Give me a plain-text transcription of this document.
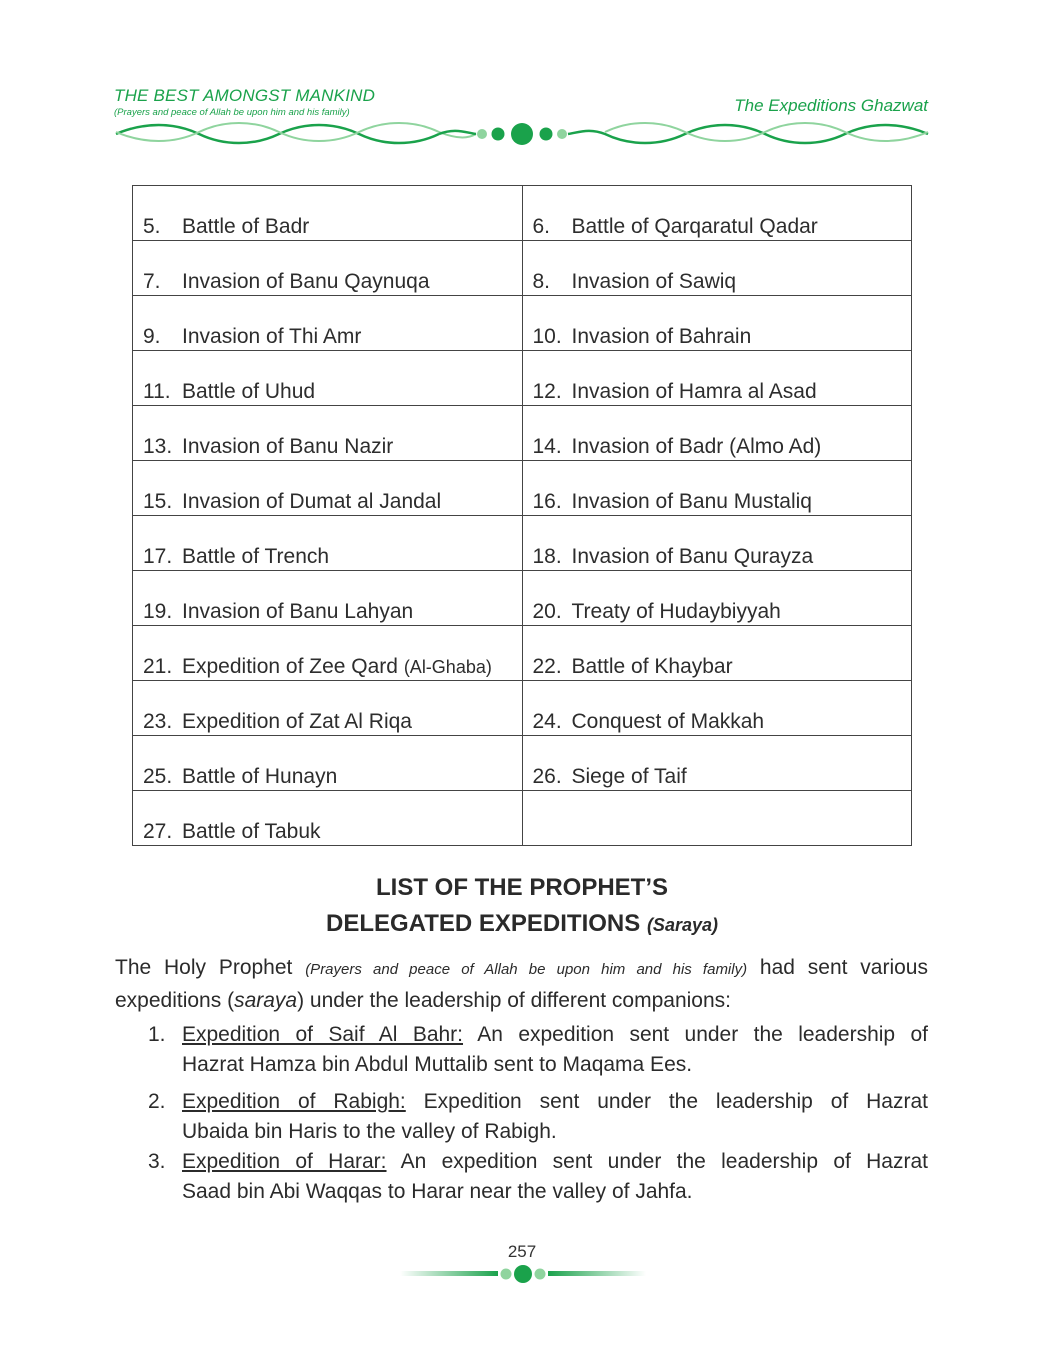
THE BEST AMONGST MANKIND
(Prayers and peace of Allah be upon him and his family)	The Expeditions Ghazwat
5. Battle of Badr	6. Battle of Qarqaratul Qadar

7. Invasion of Banu Qaynuqa	8. Invasion of Sawiq

9. Invasion of Thi Amr	10. Invasion of Bahrain

11. Battle of Uhud	12. Invasion of Hamra al Asad

13. Invasion of Banu Nazir	14. Invasion of Badr (Almo Ad)

15. Invasion of Dumat al Jandal	16. Invasion of Banu Mustaliq

17. Battle of Trench	18. Invasion of Banu Qurayza

19. Invasion of Banu Lahyan	20. Treaty of Hudaybiyyah

21. Expedition of Zee Qard (Al-Ghaba)	22. Battle of Khaybar

23. Expedition of Zat Al Riqa	24. Conquest of Makkah

25. Battle of Hunayn	26. Siege of Taif

27. Battle of Tabuk	

LIST OF THE PROPHET’S
DELEGATED EXPEDITIONS (Saraya)
The Holy Prophet (Prayers and peace of Allah be upon him and his family) had sent various expeditions (saraya) under the leadership of different companions:
1. Expedition of Saif Al Bahr: An expedition sent under the leadership of
Hazrat Hamza bin Abdul Muttalib sent to Maqama Ees.
2. Expedition of Rabigh: Expedition sent under the leadership of Hazrat
Ubaida bin Haris to the valley of Rabigh.
3. Expedition of Harar: An expedition sent under the leadership of Hazrat
Saad bin Abi Waqqas to Harar near the valley of Jahfa.
257
